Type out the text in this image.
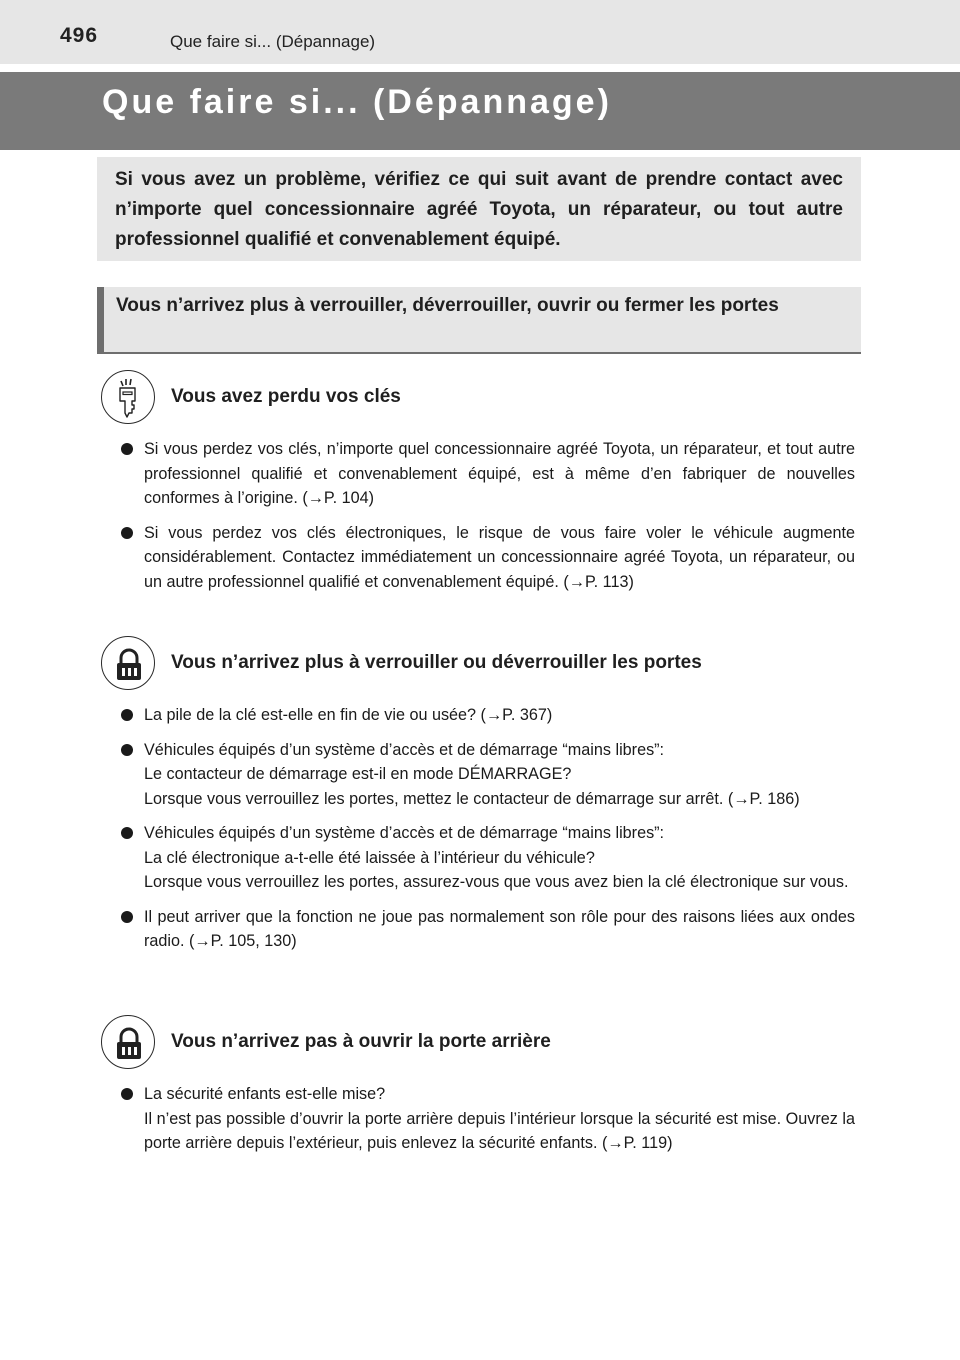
496	Que faire si... (Dépannage)
Que faire si... (Dépannage)

Si vous avez un problème, vérifiez ce qui suit avant de prendre contact avec n’importe quel concessionnaire agréé Toyota, un réparateur, ou tout autre professionnel qualifié et convenablement équipé.

Vous n’arrivez plus à verrouiller, déverrouiller, ouvrir ou fermer les portes

Vous avez perdu vos clés
Si vous perdez vos clés, n’importe quel concessionnaire agréé Toyota, un réparateur, et tout autre professionnel qualifié et convenablement équipé, est à même d’en fabriquer de nouvelles conformes à l’origine. (→P. 104)
Si vous perdez vos clés électroniques, le risque de vous faire voler le véhicule augmente considérablement. Contactez immédiatement un concessionnaire agréé Toyota, un réparateur, ou un autre professionnel qualifié et convenablement équipé. (→P. 113)
Vous n’arrivez plus à verrouiller ou déverrouiller les portes
La pile de la clé est-elle en fin de vie ou usée? (→P. 367)
Véhicules équipés d’un système d’accès et de démarrage “mains libres”:
Le contacteur de démarrage est-il en mode DÉMARRAGE?
Lorsque vous verrouillez les portes, mettez le contacteur de démarrage sur arrêt. (→P. 186)
Véhicules équipés d’un système d’accès et de démarrage “mains libres”:
La clé électronique a-t-elle été laissée à l’intérieur du véhicule?
Lorsque vous verrouillez les portes, assurez-vous que vous avez bien la clé électronique sur vous.
Il peut arriver que la fonction ne joue pas normalement son rôle pour des raisons liées aux ondes radio. (→P. 105, 130)
Vous n’arrivez pas à ouvrir la porte arrière
La sécurité enfants est-elle mise?
Il n’est pas possible d’ouvrir la porte arrière depuis l’intérieur lorsque la sécurité est mise. Ouvrez la porte arrière depuis l’extérieur, puis enlevez la sécurité enfants. (→P. 119)
